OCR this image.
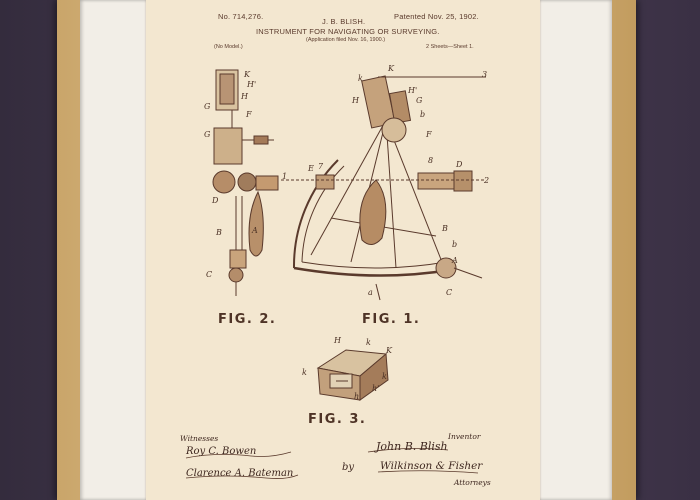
No. 714,276.	Patented Nov. 25, 1902.
J. B. BLISH.
INSTRUMENT FOR NAVIGATING OR SURVEYING.
(Application filed Nov. 16, 1900.)
(No Model.)	2 Sheets—Sheet 1.
K
H'
H
G
G
F
D
B	A
C
k
K
H
H'
G
b
F
E 7
8	D
B
b
A
a	C
1	2
3
H	k
K
k	k
h'
h
FIG. 2.	FIG. 1.
FIG. 3.
Witnesses
Roy C. Bowen
Clarence A. Bateman
Inventor
John B. Blish
by Wilkinson & Fisher
Attorneys
